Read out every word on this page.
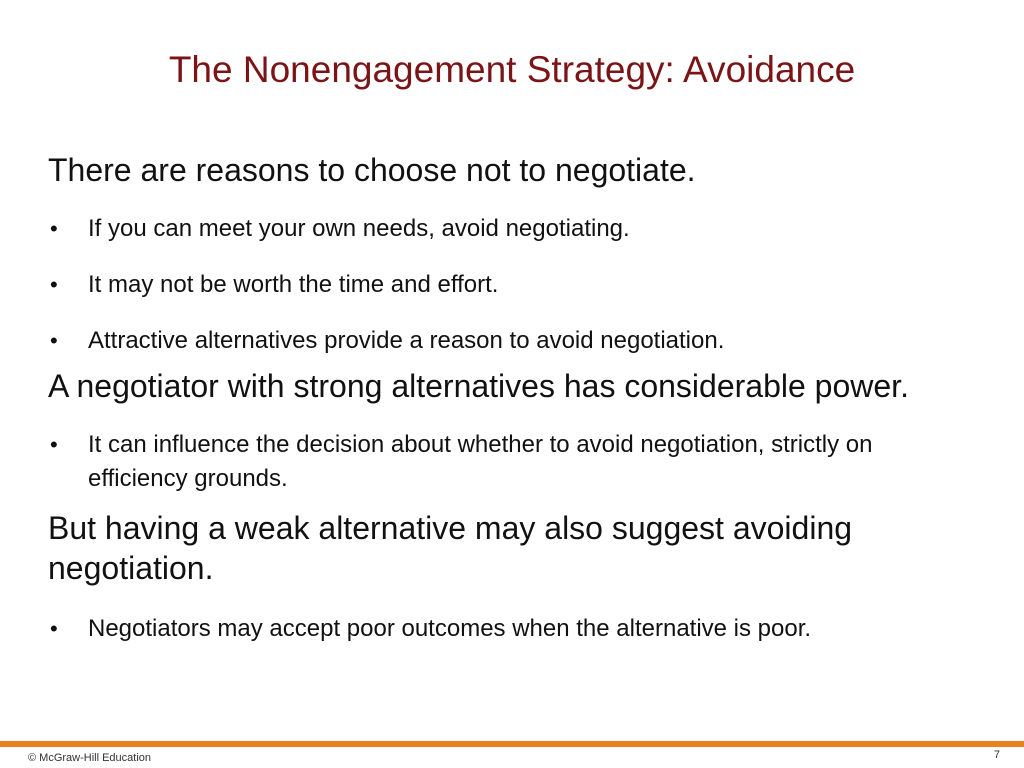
The Nonengagement Strategy: Avoidance

There are reasons to choose not to negotiate.

• If you can meet your own needs, avoid negotiating.
• It may not be worth the time and effort.
• Attractive alternatives provide a reason to avoid negotiation.

A negotiator with strong alternatives has considerable power.

• It can influence the decision about whether to avoid negotiation, strictly on efficiency grounds.

But having a weak alternative may also suggest avoiding negotiation.

• Negotiators may accept poor outcomes when the alternative is poor.
© McGraw-Hill Education	7
